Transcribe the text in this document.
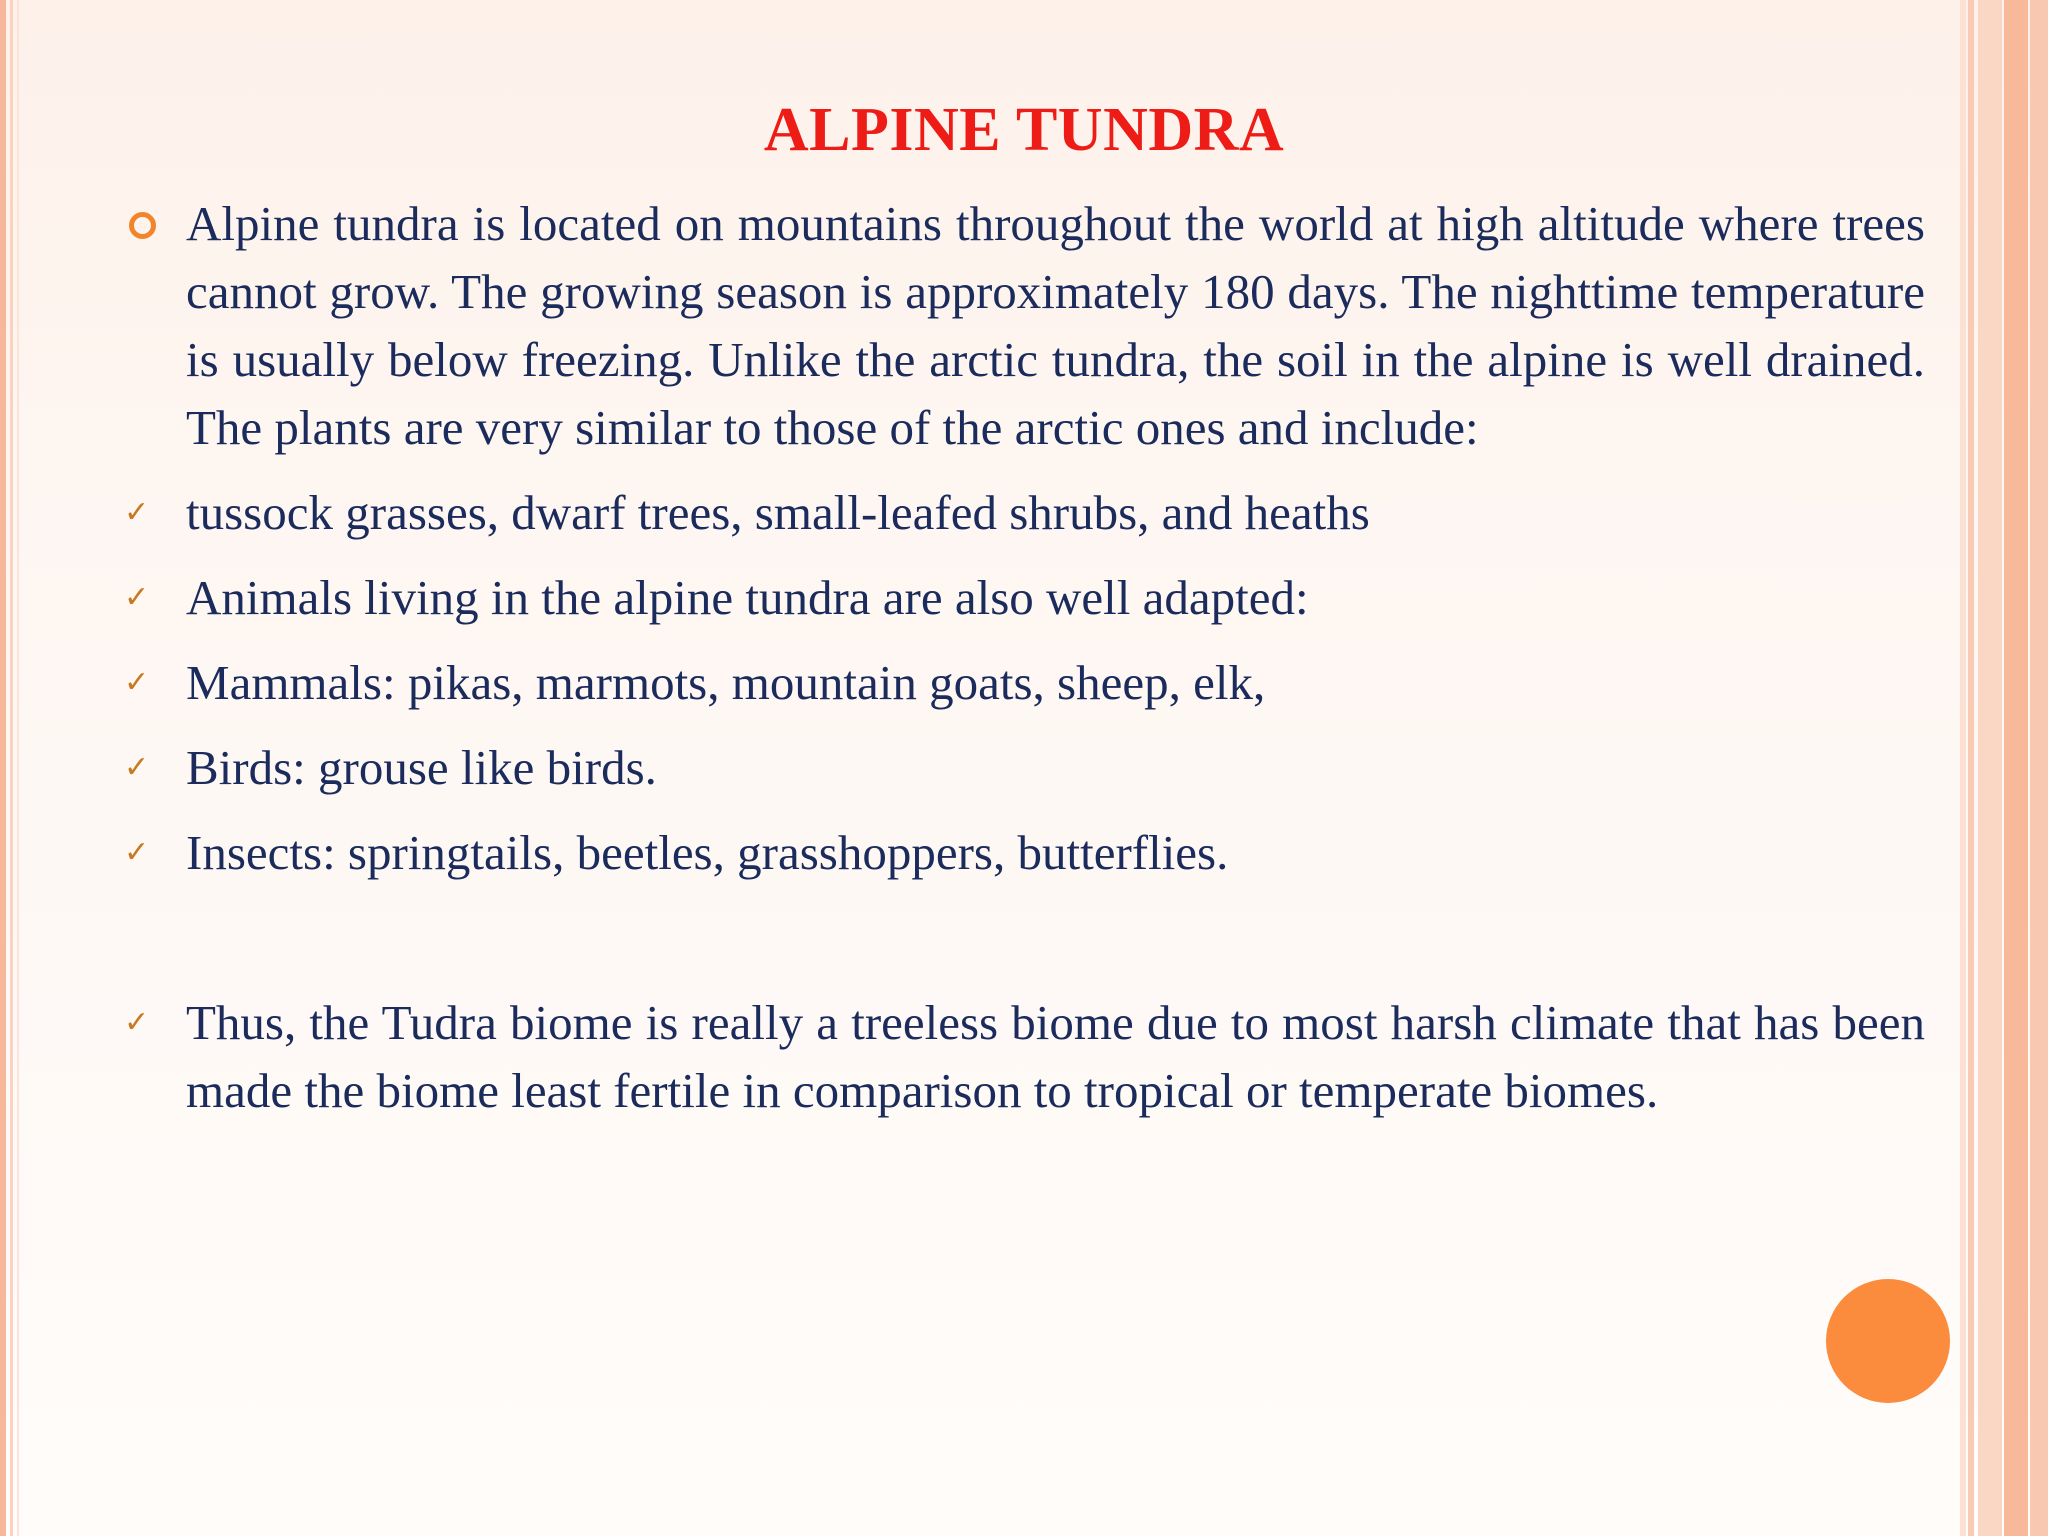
ALPINE TUNDRA
Alpine tundra is located on mountains throughout the world at high altitude where trees cannot grow. The growing season is approximately 180 days. The nighttime temperature is usually below freezing. Unlike the arctic tundra, the soil in the alpine is well drained. The plants are very similar to those of the arctic ones and include:
✓ tussock grasses, dwarf trees, small-leafed shrubs, and heaths
✓ Animals living in the alpine tundra are also well adapted:
✓ Mammals: pikas, marmots, mountain goats, sheep, elk,
✓ Birds: grouse like birds.
✓ Insects: springtails, beetles, grasshoppers, butterflies.
✓ Thus, the Tudra biome is really a treeless biome due to most harsh climate that has been made the biome least fertile in comparison to tropical or temperate biomes.
